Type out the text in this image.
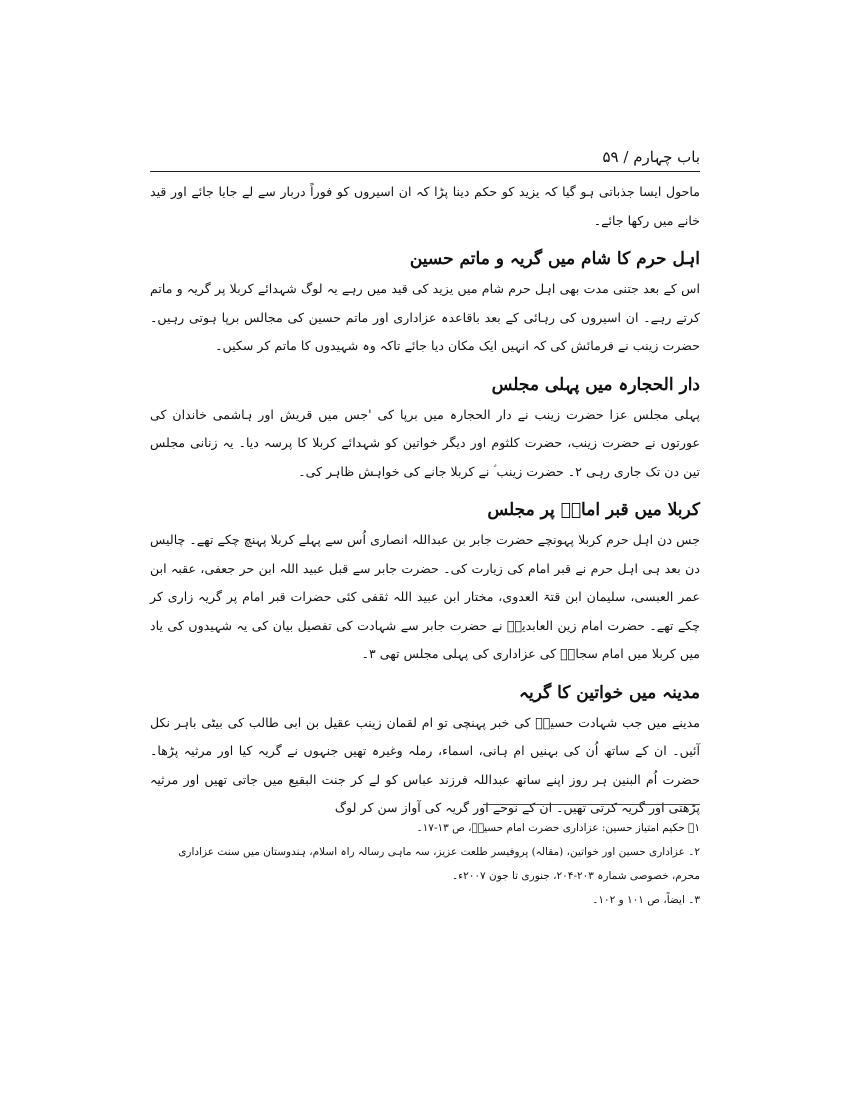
باب چہارم / ۵۹

ماحول ایسا جذباتی ہو گیا کہ یزید کو حکم دینا پڑا کہ ان اسیروں کو فوراً دربار سے لے جایا جائے اور قید خانے میں رکھا جائے۔

اہل حرم کا شام میں گریہ و ماتم حسین

اس کے بعد جتنی مدت بھی اہل حرم شام میں یزید کی قید میں رہے یہ لوگ شہدائے کربلا پر گریہ و ماتم کرتے رہے۔ ان اسیروں کی رہائی کے بعد باقاعدہ عزاداری اور ماتم حسین کی مجالس برپا ہوتی رہیں۔ حضرت زینب نے فرمائش کی کہ انہیں ایک مکان دیا جائے تاکہ وہ شہیدوں کا ماتم کر سکیں۔

دار الحجارہ میں پہلی مجلس

پہلی مجلس عزا حضرت زینب نے دار الحجارہ میں برپا کی 'جس میں قریش اور ہاشمی خاندان کی عورتوں نے حضرت زینب، حضرت کلثوم اور دیگر خواتین کو شہدائے کربلا کا پرسہ دیا۔ یہ زنانی مجلس تین دن تک جاری رہی ۲۔ حضرت زینب ؑ نے کربلا جانے کی خواہش ظاہر کی۔

کربلا میں قبر امامؑ پر مجلس

جس دن اہل حرم کربلا پہونچے حضرت جابر بن عبداللہ انصاری اُس سے پہلے کربلا پہنچ چکے تھے۔ چالیس دن بعد ہی اہل حرم نے قبر امام کی زیارت کی۔ حضرت جابر سے قبل عبید اللہ ابن حر جعفی، عقبہ ابن عمر العبسی، سلیمان ابن قتۃ العدوی، مختار ابن عبید اللہ ثقفی کئی حضرات قبر امام پر گریہ زاری کر چکے تھے۔ حضرت امام زین العابدینؑ نے حضرت جابر سے شہادت کی تفصیل بیان کی یہ شہیدوں کی یاد میں کربلا میں امام سجادؑ کی عزاداری کی پہلی مجلس تھی ۳۔

مدینہ میں خواتین کا گریہ

مدینے میں جب شہادت حسینؑ کی خبر پہنچی تو ام لقمان زینب عقیل بن ابی طالب کی بیٹی باہر نکل آئیں۔ ان کے ساتھ اُن کی بہنیں ام ہانی، اسماء، رملہ وغیرہ تھیں جنہوں نے گریہ کیا اور مرثیہ پڑھا۔ حضرت اُم البنین ہر روز اپنے ساتھ عبداللہ فرزند عباس کو لے کر جنت البقیع میں جاتی تھیں اور مرثیہ پڑھتی اور گریہ کرتی تھیں۔ ان کے نوحے اور گریہ کی آواز سن کر لوگ

۱۔ حکیم امتیاز حسین: عزاداری حضرت امام حسینؑ، ص ۱۳-۱۷۔
۲۔ عزاداری حسین اور خواتین، (مقالہ) پروفیسر طلعت عزیز، سہ ماہی رسالہ راہ اسلام، ہندوستان میں سنت عزاداری محرم، خصوصی شمارہ ۲۰۳-۲۰۴، جنوری تا جون ۲۰۰۷ء۔
۳۔ ایضاً، ص ۱۰۱ و ۱۰۲۔
